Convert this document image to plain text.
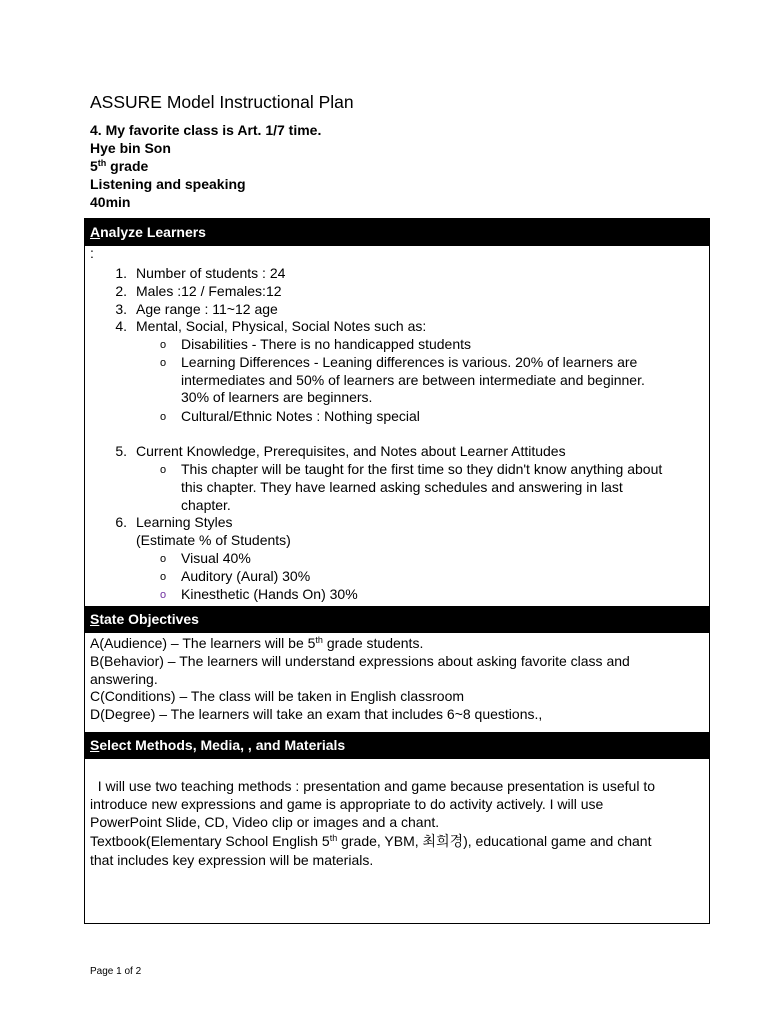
ASSURE Model Instructional Plan
4. My favorite class is Art. 1/7 time.
Hye bin Son
5th grade
Listening and speaking
40min
Analyze Learners
:
1. Number of students : 24
2. Males :12 / Females:12
3. Age range : 11~12 age
4. Mental, Social, Physical, Social Notes such as:
o Disabilities - There is no handicapped students
o Learning Differences - Leaning differences is various. 20% of learners are
intermediates and 50% of learners are between intermediate and beginner.
30% of learners are beginners.
o Cultural/Ethnic Notes : Nothing special
5. Current Knowledge, Prerequisites, and Notes about Learner Attitudes
o This chapter will be taught for the first time so they didn't know anything about
this chapter. They have learned asking schedules and answering in last
chapter.
6. Learning Styles
(Estimate % of Students)
o Visual 40%
o Auditory (Aural) 30%
o Kinesthetic (Hands On) 30%
State Objectives
A(Audience) – The learners will be 5th grade students.
B(Behavior) – The learners will understand expressions about asking favorite class and
answering.
C(Conditions) – The class will be taken in English classroom
D(Degree) – The learners will take an exam that includes 6~8 questions.,
Select Methods, Media, , and Materials
I will use two teaching methods : presentation and game because presentation is useful to
introduce new expressions and game is appropriate to do activity actively. I will use
PowerPoint Slide, CD, Video clip or images and a chant.
Textbook(Elementary School English 5th grade, YBM, 최희경), educational game and chant
that includes key expression will be materials.
Page 1 of 2
